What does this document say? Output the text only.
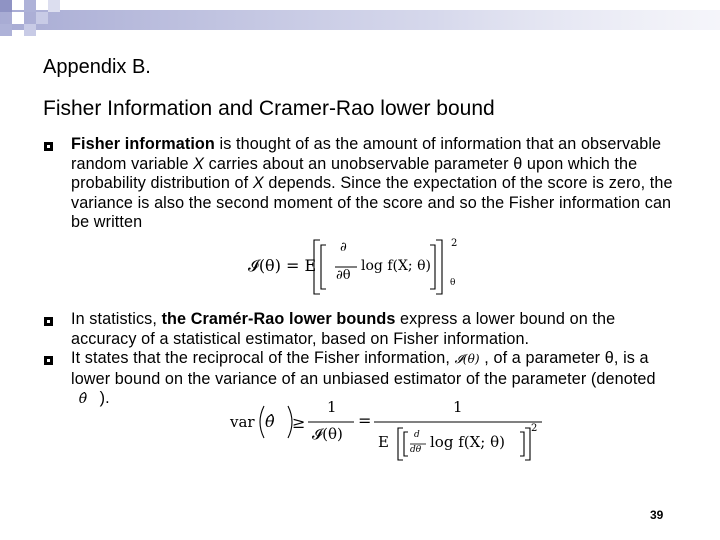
Appendix B.
Fisher Information and Cramer-Rao lower bound
Fisher information is thought of as the amount of information that an observable random variable X carries about an unobservable parameter θ upon which the probability distribution of X depends. Since the expectation of the score is zero, the variance is also the second moment of the score and so the Fisher information can be written
𝓘(θ) = E
∂
∂θ
log f(X; θ)
2
θ
In statistics, the Cramér-Rao lower bounds express a lower bound on the accuracy of a statistical estimator, based on Fisher information.
It states that the reciprocal of the Fisher information, 𝓘(θ) , of a parameter θ, is a lower bound on the variance of an unbiased estimator of the parameter (denoted θ̂ ).
var θ̂ ≥
1
𝓘(θ)
=
1
E	d
dθ log f(X; θ)
2
39
